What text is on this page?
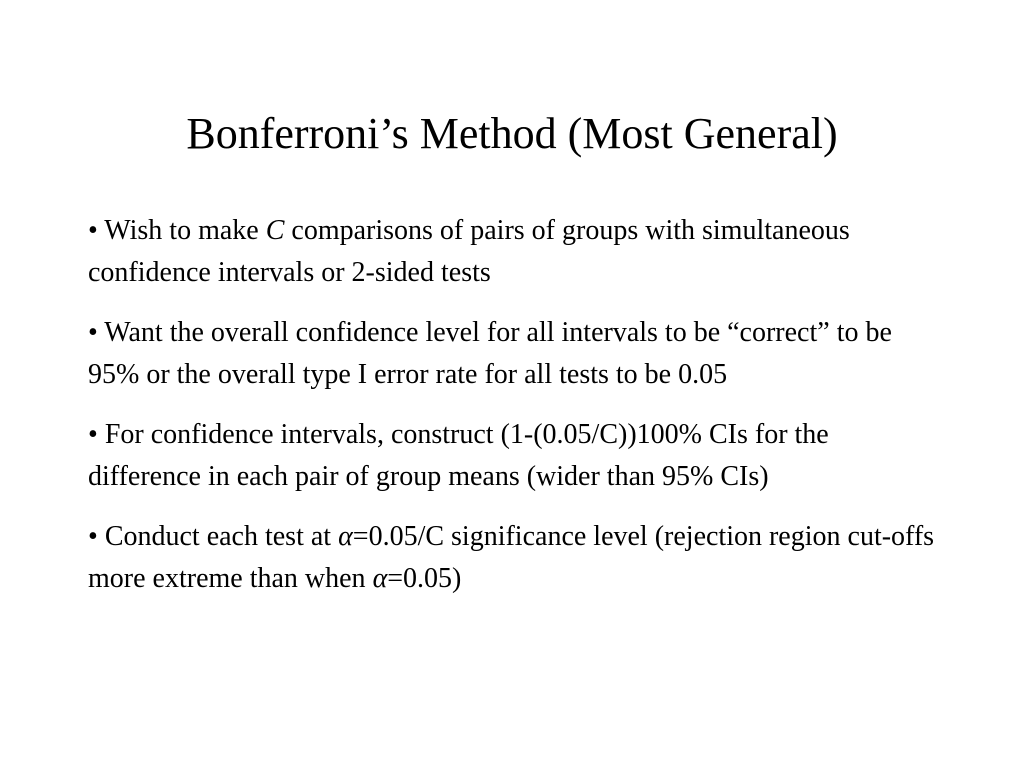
Bonferroni’s Method (Most General)
• Wish to make C comparisons of pairs of groups with simultaneous confidence intervals or 2-sided tests
• Want the overall confidence level for all intervals to be “correct” to be 95% or the overall type I error rate for all tests to be 0.05
• For confidence intervals, construct (1-(0.05/C))100% CIs for the difference in each pair of group means (wider than 95% CIs)
• Conduct each test at α=0.05/C significance level (rejection region cut-offs more extreme than when α=0.05)
